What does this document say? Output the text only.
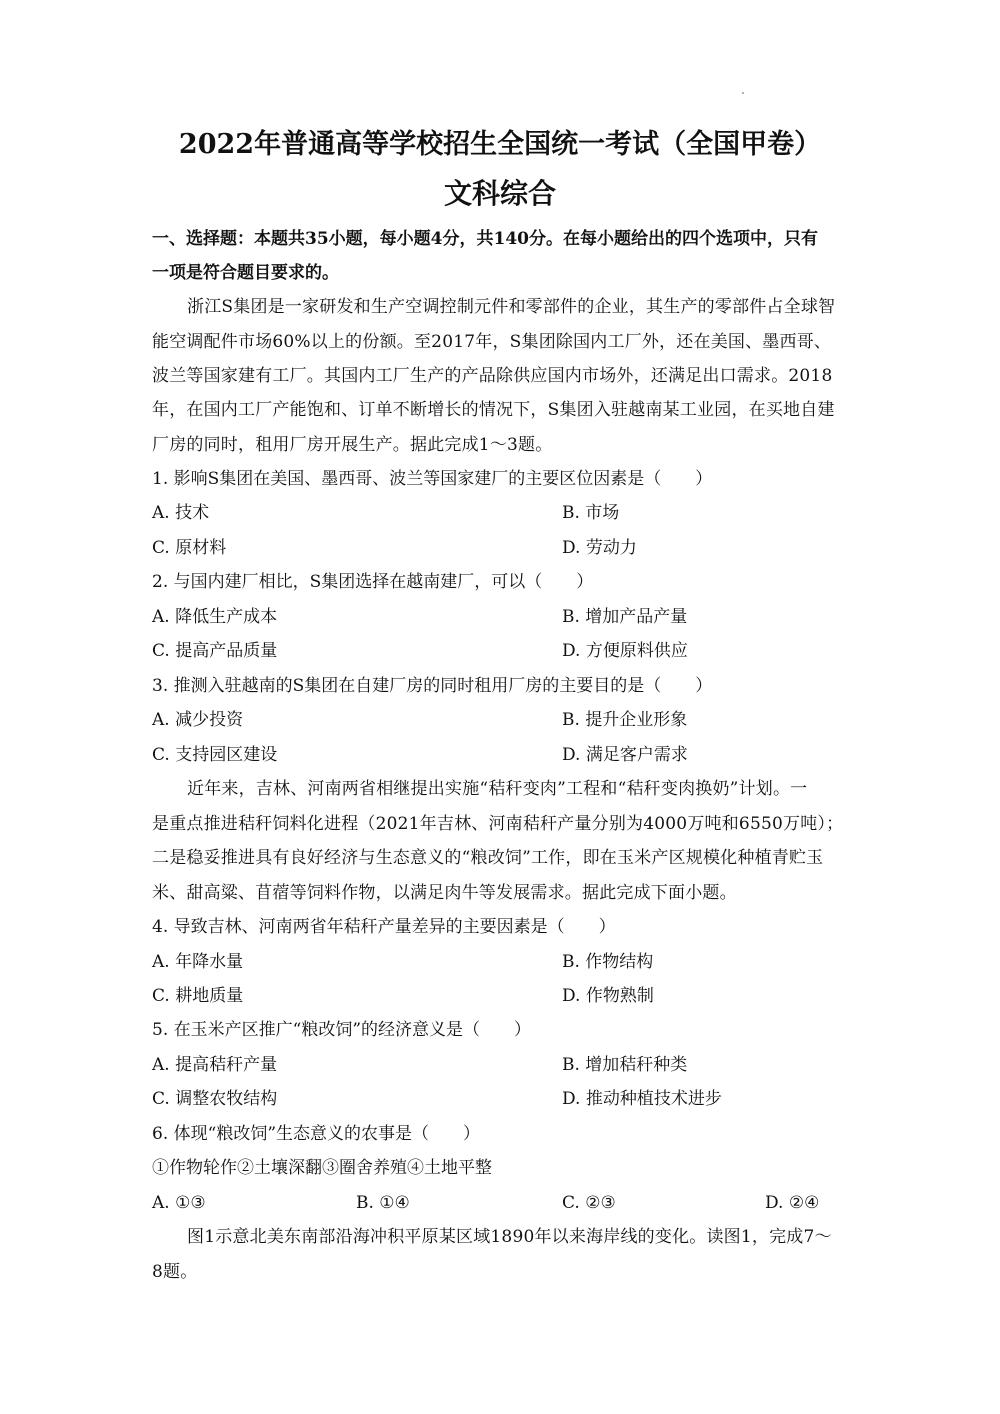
2022年普通高等学校招生全国统一考试（全国甲卷）
文科综合
一、选择题：本题共35小题，每小题4分，共140分。在每小题给出的四个选项中，只有
一项是符合题目要求的。
浙江S集团是一家研发和生产空调控制元件和零部件的企业，其生产的零部件占全球智
能空调配件市场60%以上的份额。至2017年，S集团除国内工厂外，还在美国、墨西哥、
波兰等国家建有工厂。其国内工厂生产的产品除供应国内市场外，还满足出口需求。2018
年，在国内工厂产能饱和、订单不断增长的情况下，S集团入驻越南某工业园，在买地自建
厂房的同时，租用厂房开展生产。据此完成1～3题。
1. 影响S集团在美国、墨西哥、波兰等国家建厂的主要区位因素是（　　）
A. 技术	B. 市场
C. 原材料	D. 劳动力
2. 与国内建厂相比，S集团选择在越南建厂，可以（　　）
A. 降低生产成本	B. 增加产品产量
C. 提高产品质量	D. 方便原料供应
3. 推测入驻越南的S集团在自建厂房的同时租用厂房的主要目的是（　　）
A. 减少投资	B. 提升企业形象
C. 支持园区建设	D. 满足客户需求
近年来，吉林、河南两省相继提出实施“秸秆变肉”工程和“秸秆变肉换奶”计划。一
是重点推进秸秆饲料化进程（2021年吉林、河南秸秆产量分别为4000万吨和6550万吨）；
二是稳妥推进具有良好经济与生态意义的“粮改饲”工作，即在玉米产区规模化种植青贮玉
米、甜高粱、苜蓿等饲料作物，以满足肉牛等发展需求。据此完成下面小题。
4. 导致吉林、河南两省年秸秆产量差异的主要因素是（　　）
A. 年降水量	B. 作物结构
C. 耕地质量	D. 作物熟制
5. 在玉米产区推广“粮改饲”的经济意义是（　　）
A. 提高秸秆产量	B. 增加秸秆种类
C. 调整农牧结构	D. 推动种植技术进步
6. 体现“粮改饲”生态意义的农事是（　　）
①作物轮作②土壤深翻③圈舍养殖④土地平整
A. ①③	B. ①④	C. ②③	D. ②④
图1示意北美东南部沿海冲积平原某区域1890年以来海岸线的变化。读图1，完成7～
8题。
